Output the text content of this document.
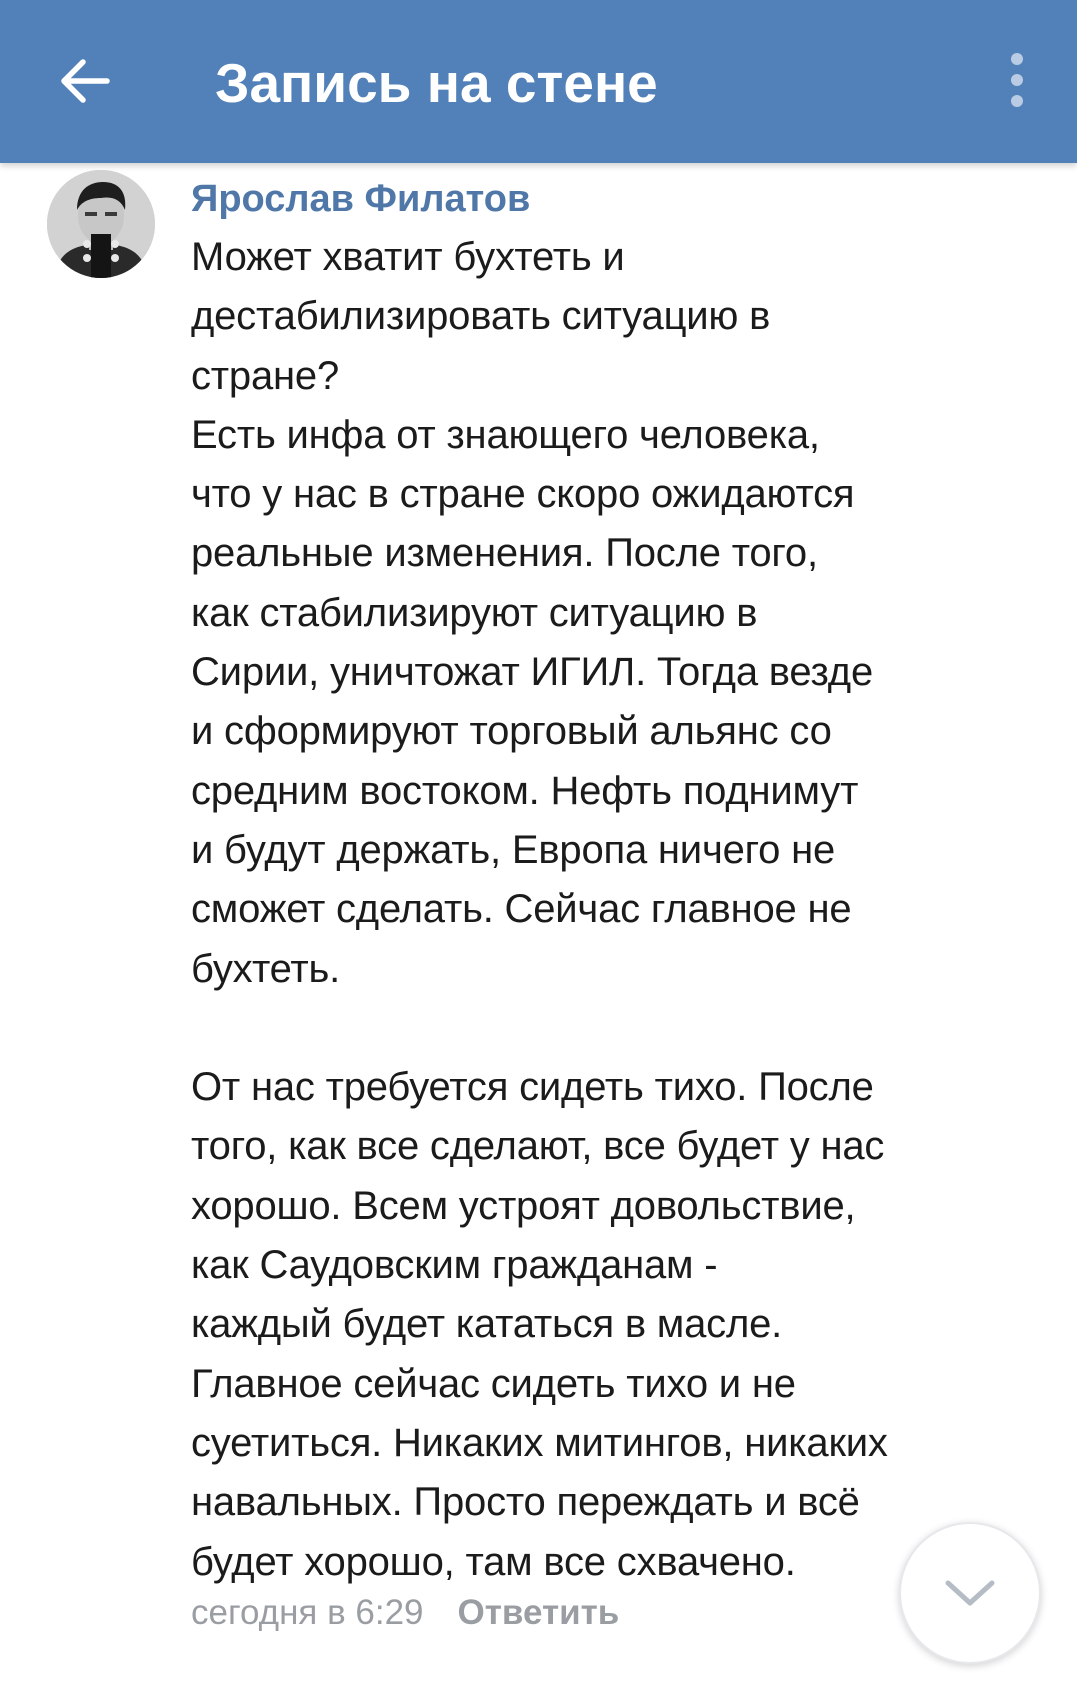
Запись на стене
Ярослав Филатов

Может хватит бухтеть и
дестабилизировать ситуацию в
стране?
Есть инфа от знающего человека,
что у нас в стране скоро ожидаются
реальные изменения. После того,
как стабилизируют ситуацию в
Сирии, уничтожат ИГИЛ. Тогда везде
и сформируют торговый альянс со
средним востоком. Нефть поднимут
и будут держать, Европа ничего не
сможет сделать. Сейчас главное не
бухтеть.

От нас требуется сидеть тихо. После
того, как все сделают, все будет у нас
хорошо. Всем устроят довольствие,
как Саудовским гражданам -
каждый будет кататься в масле.
Главное сейчас сидеть тихо и не
суетиться. Никаких митингов, никаких
навальных. Просто переждать и всё
будет хорошо, там все схвачено.

сегодня в 6:29 Ответить
